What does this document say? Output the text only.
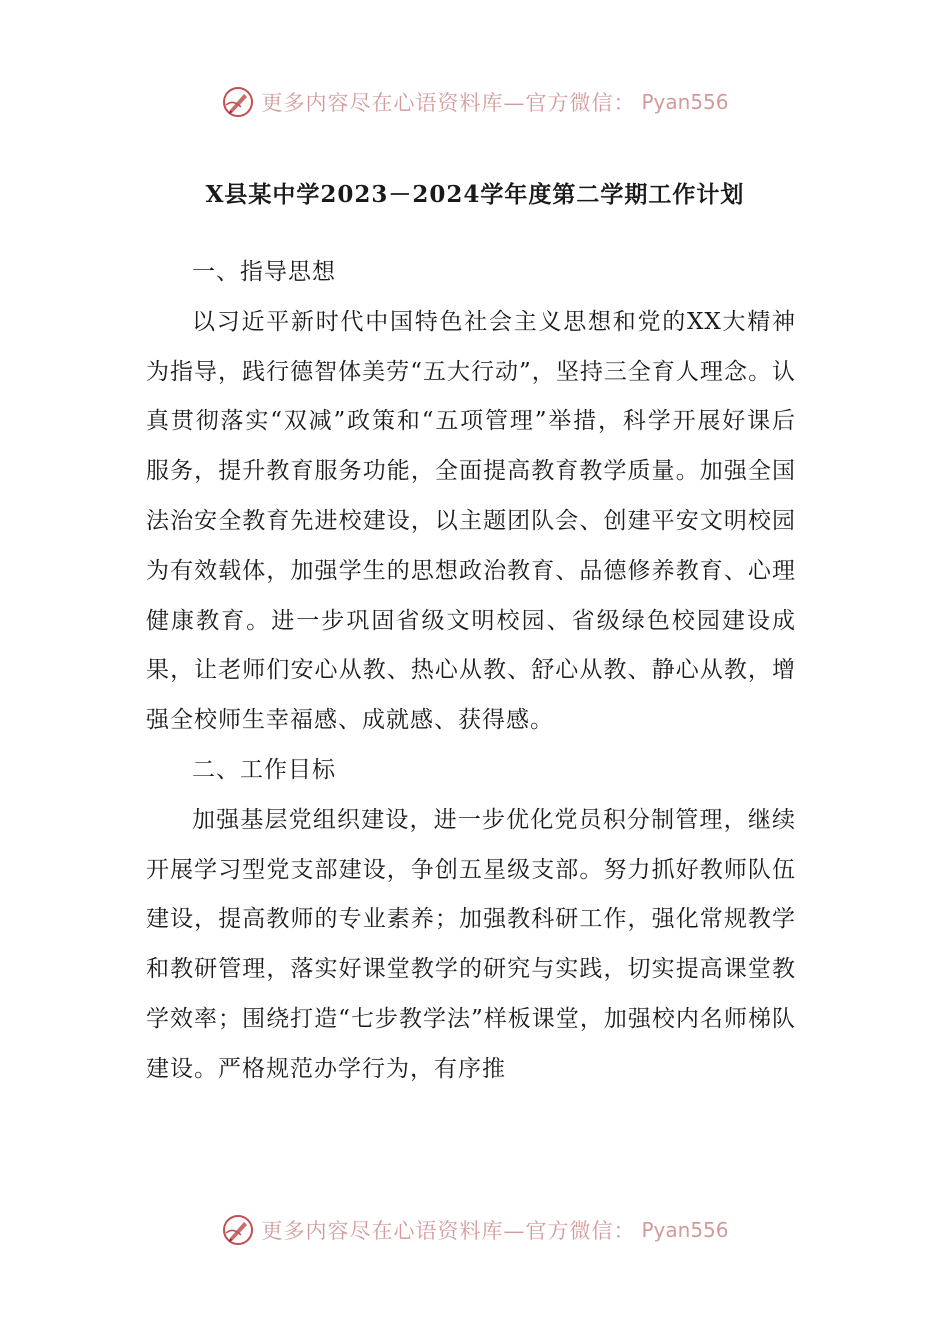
更多内容尽在心语资料库—官方微信： Pyan556
X县某中学2023－2024学年度第二学期工作计划

一、指导思想

以习近平新时代中国特色社会主义思想和党的XX大精神为指导，践行德智体美劳“五大行动”，坚持三全育人理念。认真贯彻落实“双减”政策和“五项管理”举措，科学开展好课后服务，提升教育服务功能，全面提高教育教学质量。加强全国法治安全教育先进校建设，以主题团队会、创建平安文明校园为有效载体，加强学生的思想政治教育、品德修养教育、心理健康教育。进一步巩固省级文明校园、省级绿色校园建设成果，让老师们安心从教、热心从教、舒心从教、静心从教，增强全校师生幸福感、成就感、获得感。

二、工作目标

加强基层党组织建设，进一步优化党员积分制管理，继续开展学习型党支部建设，争创五星级支部。努力抓好教师队伍建设，提高教师的专业素养；加强教科研工作，强化常规教学和教研管理，落实好课堂教学的研究与实践，切实提高课堂教学效率；围绕打造“七步教学法”样板课堂，加强校内名师梯队建设。严格规范办学行为，有序推

更多内容尽在心语资料库—官方微信： Pyan556
